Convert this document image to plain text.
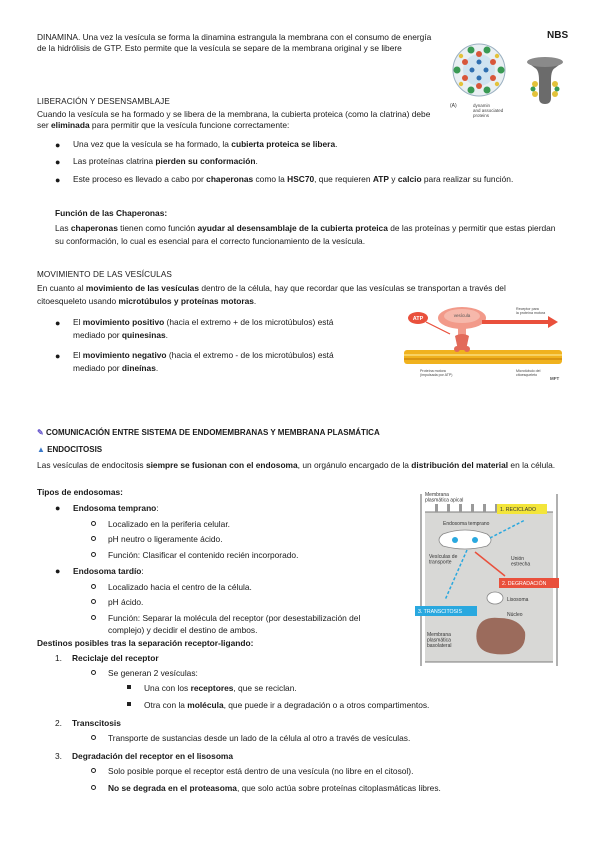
NBS

DINAMINA. Una vez la vesícula se forma la dinamina estrangula la membrana con el consumo de energía de la hidrólisis de GTP. Esto permite que la vesícula se separe de la membrana original y se libere

(A)	dynamin and associated proteins
LIBERACIÓN Y DESENSAMBLAJE

Cuando la vesícula se ha formado y se libera de la membrana, la cubierta proteica (como la clatrina) debe ser eliminada para permitir que la vesícula funcione correctamente:

● Una vez que la vesícula se ha formado, la cubierta proteica se libera.
● Las proteínas clatrina pierden su conformación.
● Este proceso es llevado a cabo por chaperonas como la HSC70, que requieren ATP y calcio para realizar su función.
Función de las Chaperonas:

Las chaperonas tienen como función ayudar al desensamblaje de la cubierta proteica de las proteínas y permitir que estas pierdan su conformación, lo cual es esencial para el correcto funcionamiento de la vesícula.

MOVIMIENTO DE LAS VESÍCULAS

En cuanto al movimiento de las vesículas dentro de la célula, hay que recordar que las vesículas se transportan a través del citoesqueleto usando microtúbulos y proteínas motoras.

● El movimiento positivo (hacia el extremo + de los microtúbulos) está mediado por quinesinas.
● El movimiento negativo (hacia el extremo - de los microtúbulos) está mediado por dineínas.
vesícula
ATP
Receptor para la proteína motora
Proteína motora (impulsada por ATP)
Microtúbulo del citoesqueleto
MFT
✎ COMUNICACIÓN ENTRE SISTEMA DE ENDOMEMBRANAS Y MEMBRANA PLASMÁTICA
▲ ENDOCITOSIS

Las vesículas de endocitosis siempre se fusionan con el endosoma, un orgánulo encargado de la distribución del material en la célula.

Tipos de endosomas:
● Endosoma temprano:
Localizado en la periferia celular.
pH neutro o ligeramente ácido.
Función: Clasificar el contenido recién incorporado.
● Endosoma tardío:
Localizado hacia el centro de la célula.
pH ácido.
Función: Separar la molécula del receptor (por desestabilización del complejo) y decidir el destino de ambos.
Destinos posibles tras la separación receptor-ligando:
1. Reciclaje del receptor
Se generan 2 vesículas:
Una con los receptores, que se reciclan.
Otra con la molécula, que puede ir a degradación o a otros compartimentos.
2. Transcitosis
Transporte de sustancias desde un lado de la célula al otro a través de vesículas.
3. Degradación del receptor en el lisosoma
Solo posible porque el receptor está dentro de una vesícula (no libre en el citosol).
No se degrada en el proteasoma, que solo actúa sobre proteínas citoplasmáticas libres.
Membrana plasmática apical
1. RECICLADO
Endosoma temprano
Vesículas de transporte
Unión estrecha
2. DEGRADACIÓN
Lisosoma
3. TRANSCITOSIS	Núcleo
Membrana plasmática basolateral
